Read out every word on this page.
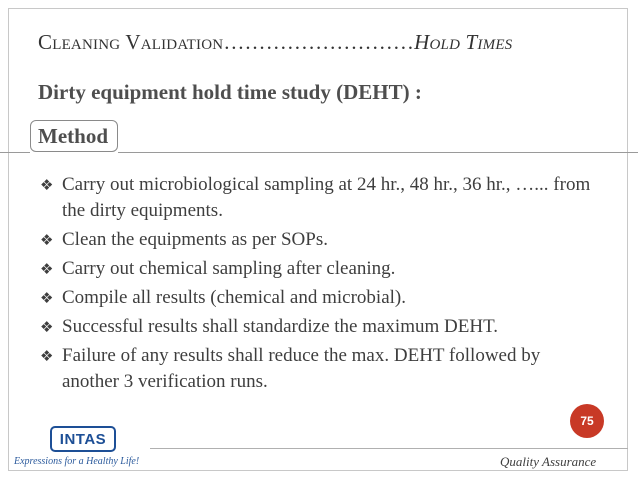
Cleaning Validation………………………Hold Times
Dirty equipment hold time study (DEHT) :
Method
❖ Carry out microbiological sampling at 24 hr., 48 hr., 36 hr., …... from the dirty equipments.
❖ Clean the equipments as per SOPs.
❖ Carry out chemical sampling after cleaning.
❖ Compile all results (chemical and microbial).
❖ Successful results shall standardize the maximum DEHT.
❖ Failure of any results shall reduce the max. DEHT followed by another 3 verification runs.
75
INTAS
Expressions for a Healthy Life!	Quality Assurance
